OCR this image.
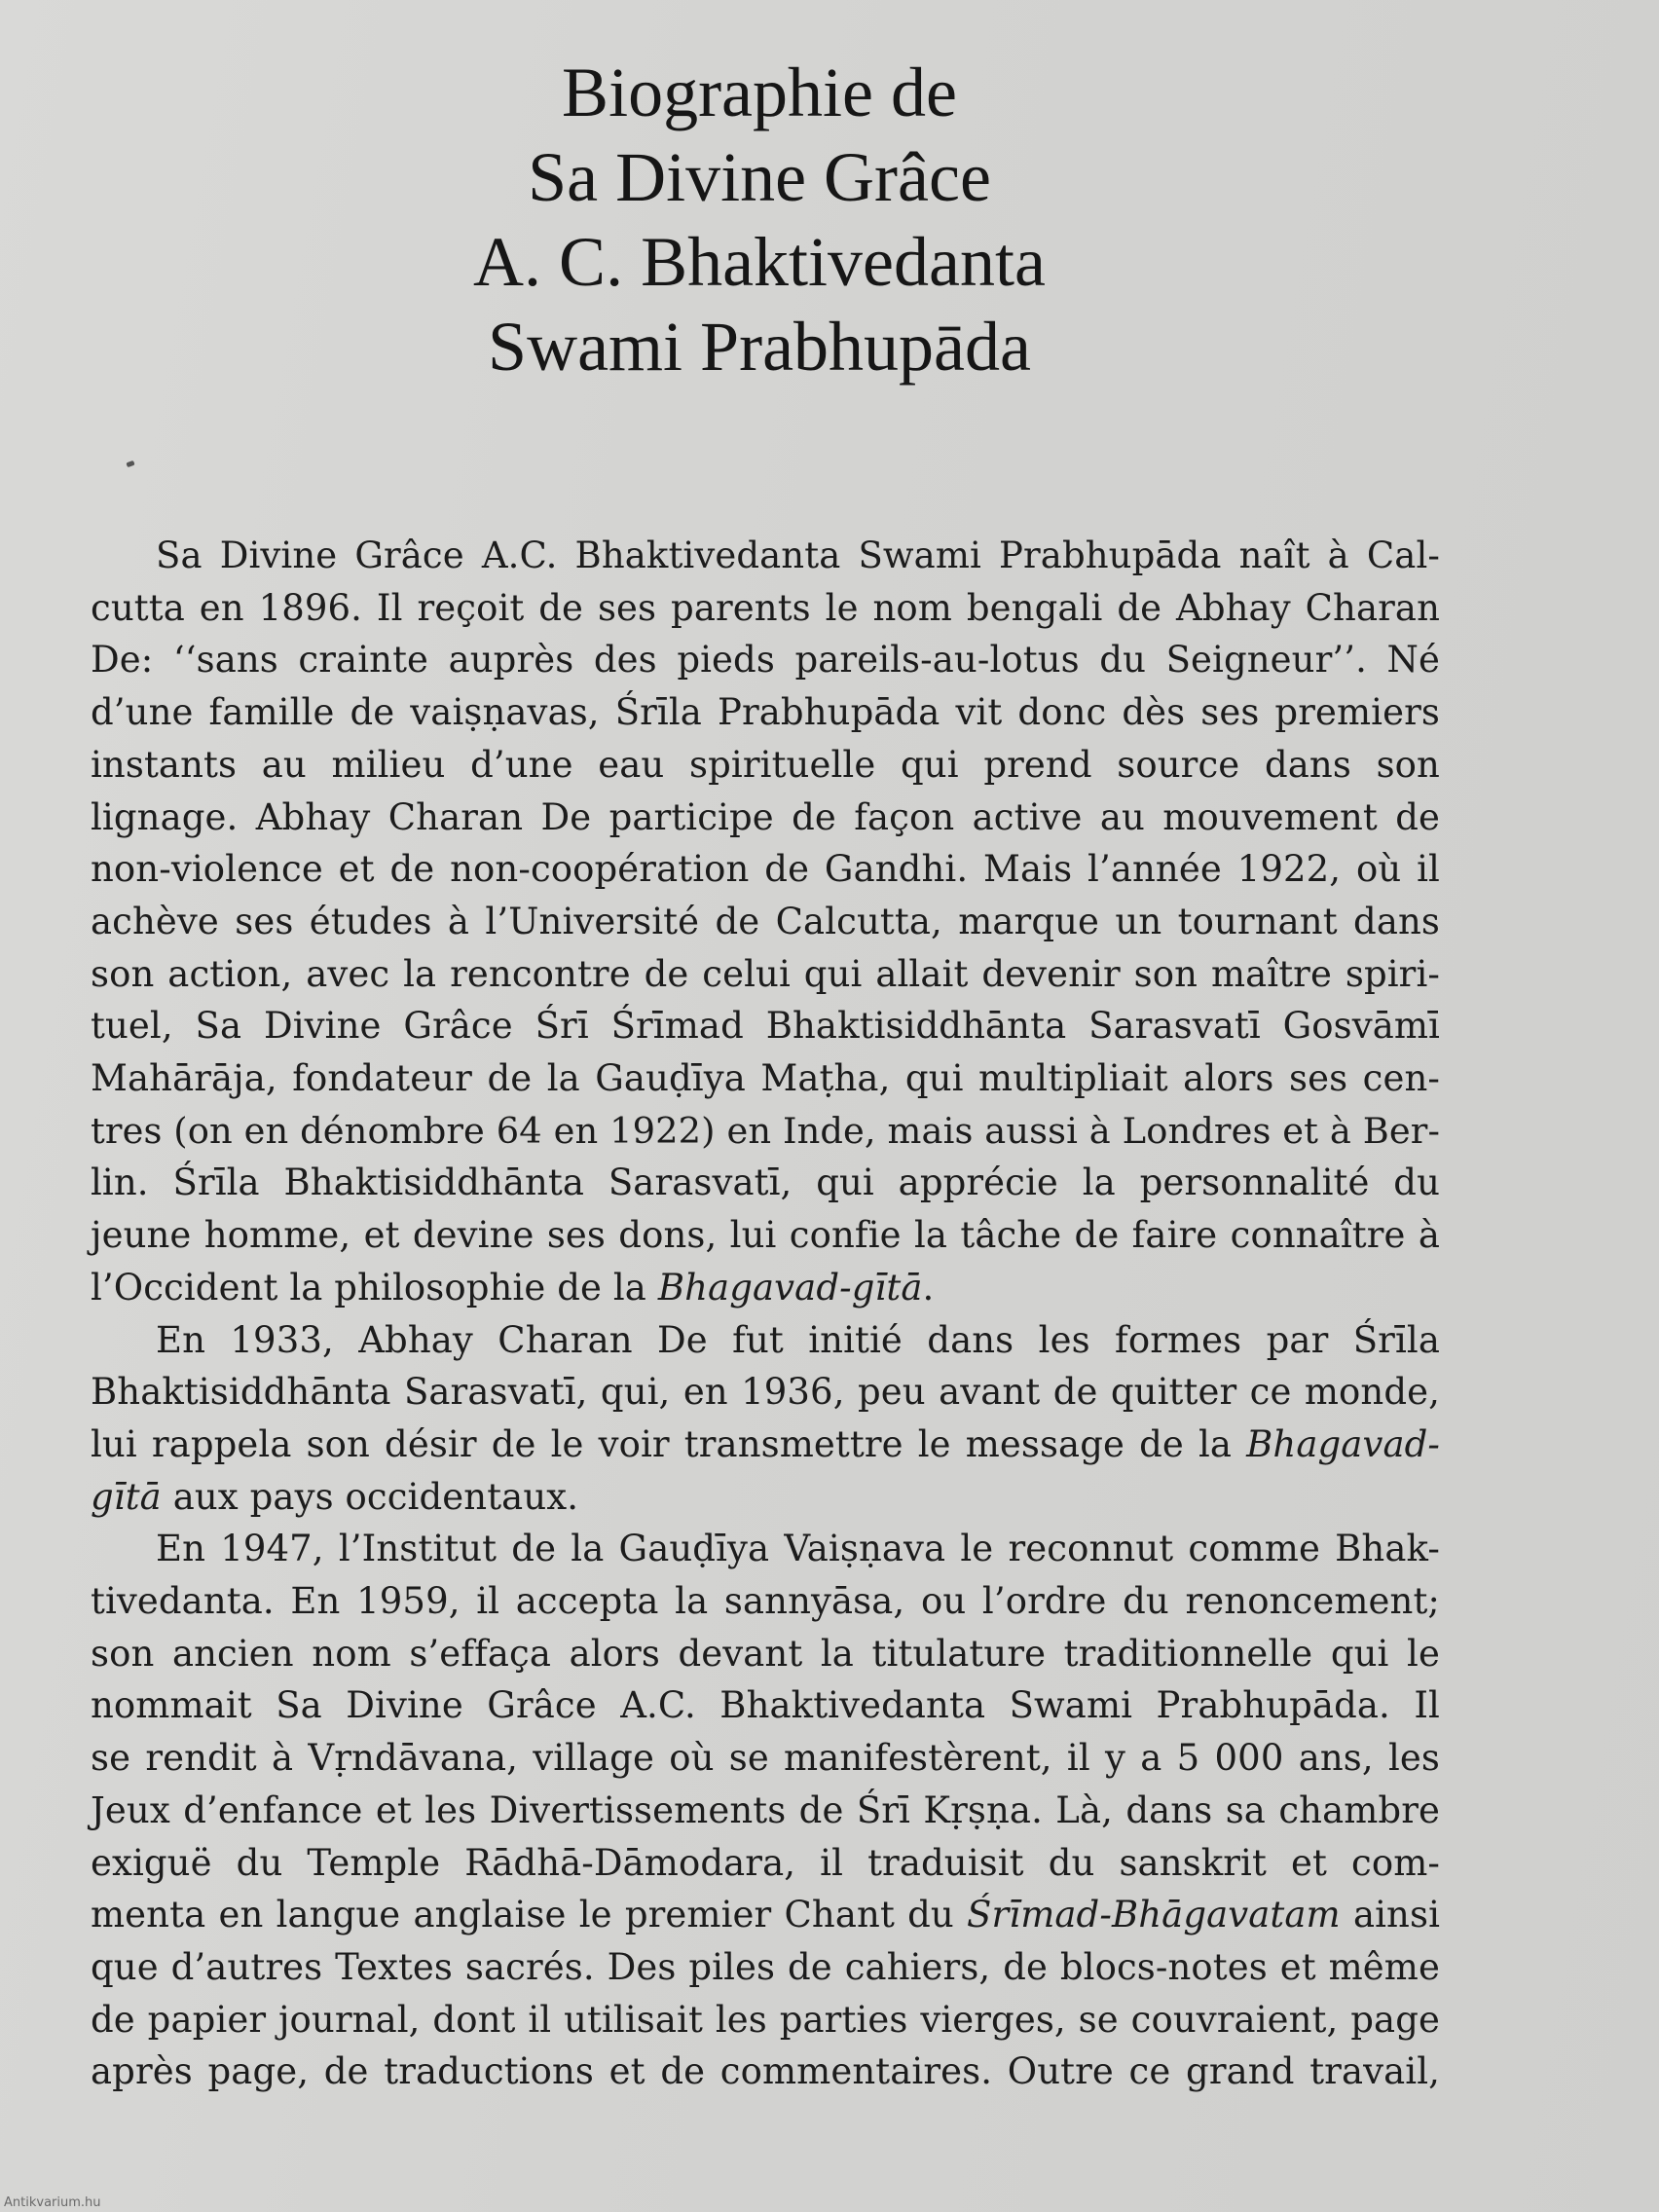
Biographie de
Sa Divine Grâce
A. C. Bhaktivedanta
Swami Prabhupāda
Sa Divine Grâce A.C. Bhaktivedanta Swami Prabhupāda naît à Cal-
cutta en 1896. Il reçoit de ses parents le nom bengali de Abhay Charan
De: ‘‘sans crainte auprès des pieds pareils-au-lotus du Seigneur’’. Né
d’une famille de vaiṣṇavas, Śrīla Prabhupāda vit donc dès ses premiers
instants au milieu d’une eau spirituelle qui prend source dans son
lignage. Abhay Charan De participe de façon active au mouvement de
non-violence et de non-coopération de Gandhi. Mais l’année 1922, où il
achève ses études à l’Université de Calcutta, marque un tournant dans
son action, avec la rencontre de celui qui allait devenir son maître spiri-
tuel, Sa Divine Grâce Śrī Śrīmad Bhaktisiddhānta Sarasvatī Gosvāmī
Mahārāja, fondateur de la Gauḍīya Maṭha, qui multipliait alors ses cen-
tres (on en dénombre 64 en 1922) en Inde, mais aussi à Londres et à Ber-
lin. Śrīla Bhaktisiddhānta Sarasvatī, qui apprécie la personnalité du
jeune homme, et devine ses dons, lui confie la tâche de faire connaître à
l’Occident la philosophie de la Bhagavad-gītā.
En 1933, Abhay Charan De fut initié dans les formes par Śrīla
Bhaktisiddhānta Sarasvatī, qui, en 1936, peu avant de quitter ce monde,
lui rappela son désir de le voir transmettre le message de la Bhagavad-
gītā aux pays occidentaux.
En 1947, l’Institut de la Gauḍīya Vaiṣṇava le reconnut comme Bhak-
tivedanta. En 1959, il accepta la sannyāsa, ou l’ordre du renoncement;
son ancien nom s’effaça alors devant la titulature traditionnelle qui le
nommait Sa Divine Grâce A.C. Bhaktivedanta Swami Prabhupāda. Il
se rendit à Vṛndāvana, village où se manifestèrent, il y a 5 000 ans, les
Jeux d’enfance et les Divertissements de Śrī Kṛṣṇa. Là, dans sa chambre
exiguë du Temple Rādhā-Dāmodara, il traduisit du sanskrit et com-
menta en langue anglaise le premier Chant du Śrīmad-Bhāgavatam ainsi
que d’autres Textes sacrés. Des piles de cahiers, de blocs-notes et même
de papier journal, dont il utilisait les parties vierges, se couvraient, page
après page, de traductions et de commentaires. Outre ce grand travail,
Antikvarium.hu
